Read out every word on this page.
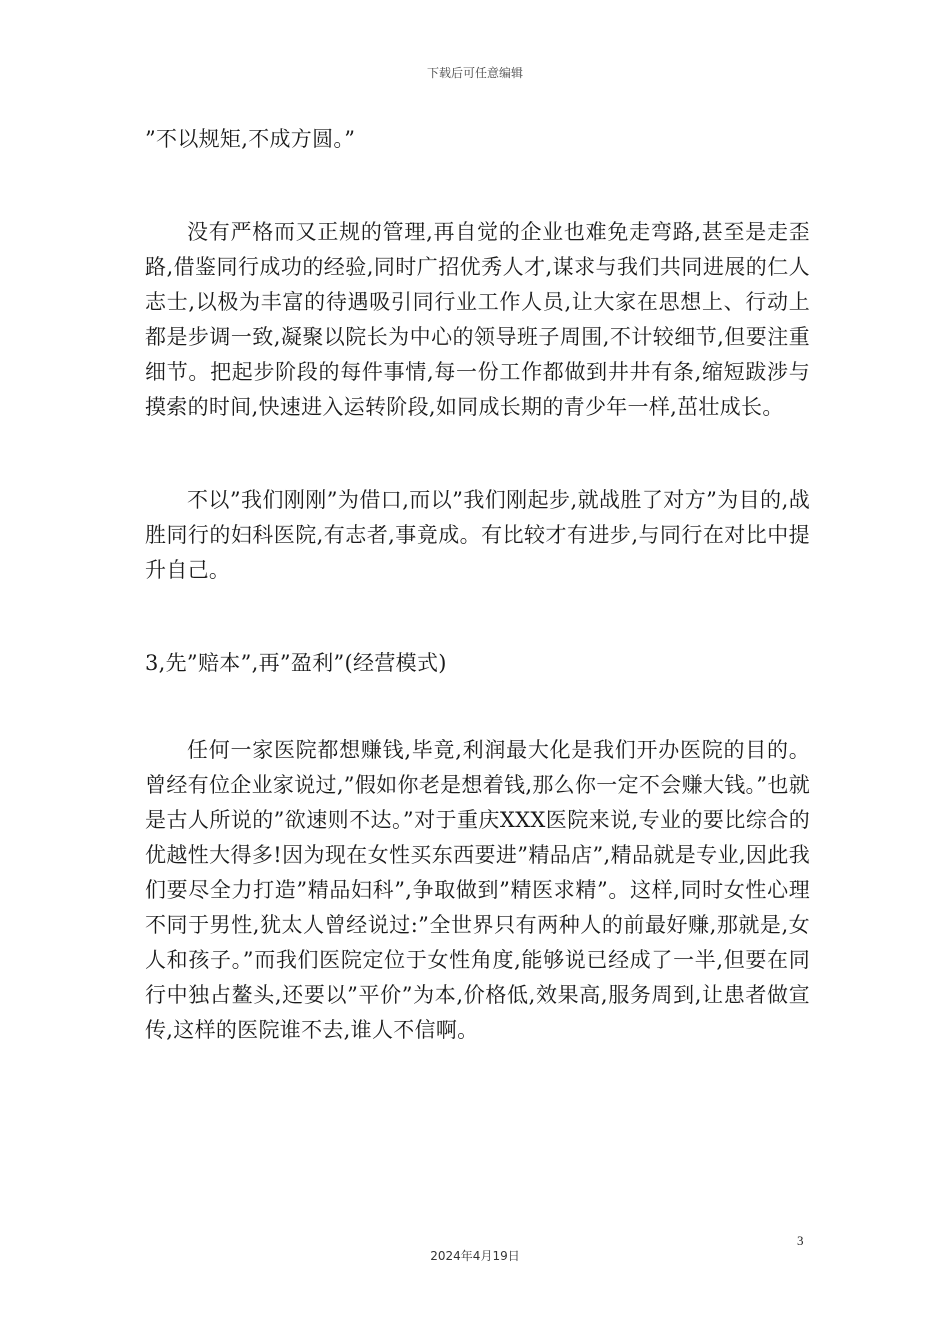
下载后可任意编辑

”不以规矩,不成方圆。”

没有严格而又正规的管理,再自觉的企业也难免走弯路,甚至是走歪路,借鉴同行成功的经验,同时广招优秀人才,谋求与我们共同进展的仁人志士,以极为丰富的待遇吸引同行业工作人员,让大家在思想上、行动上都是步调一致,凝聚以院长为中心的领导班子周围,不计较细节,但要注重细节。把起步阶段的每件事情,每一份工作都做到井井有条,缩短跋涉与摸索的时间,快速进入运转阶段,如同成长期的青少年一样,茁壮成长。

不以”我们刚刚”为借口,而以”我们刚起步,就战胜了对方”为目的,战胜同行的妇科医院,有志者,事竟成。有比较才有进步,与同行在对比中提升自己。

3,先”赔本”,再”盈利”(经营模式)

任何一家医院都想赚钱,毕竟,利润最大化是我们开办医院的目的。曾经有位企业家说过,”假如你老是想着钱,那么你一定不会赚大钱。”也就是古人所说的”欲速则不达。”对于重庆XXX医院来说,专业的要比综合的优越性大得多!因为现在女性买东西要进”精品店”,精品就是专业,因此我们要尽全力打造”精品妇科”,争取做到”精医求精”。这样,同时女性心理不同于男性,犹太人曾经说过:”全世界只有两种人的前最好赚,那就是,女人和孩子。”而我们医院定位于女性角度,能够说已经成了一半,但要在同行中独占鳌头,还要以”平价”为本,价格低,效果高,服务周到,让患者做宣传,这样的医院谁不去,谁人不信啊。

3
2024年4月19日
